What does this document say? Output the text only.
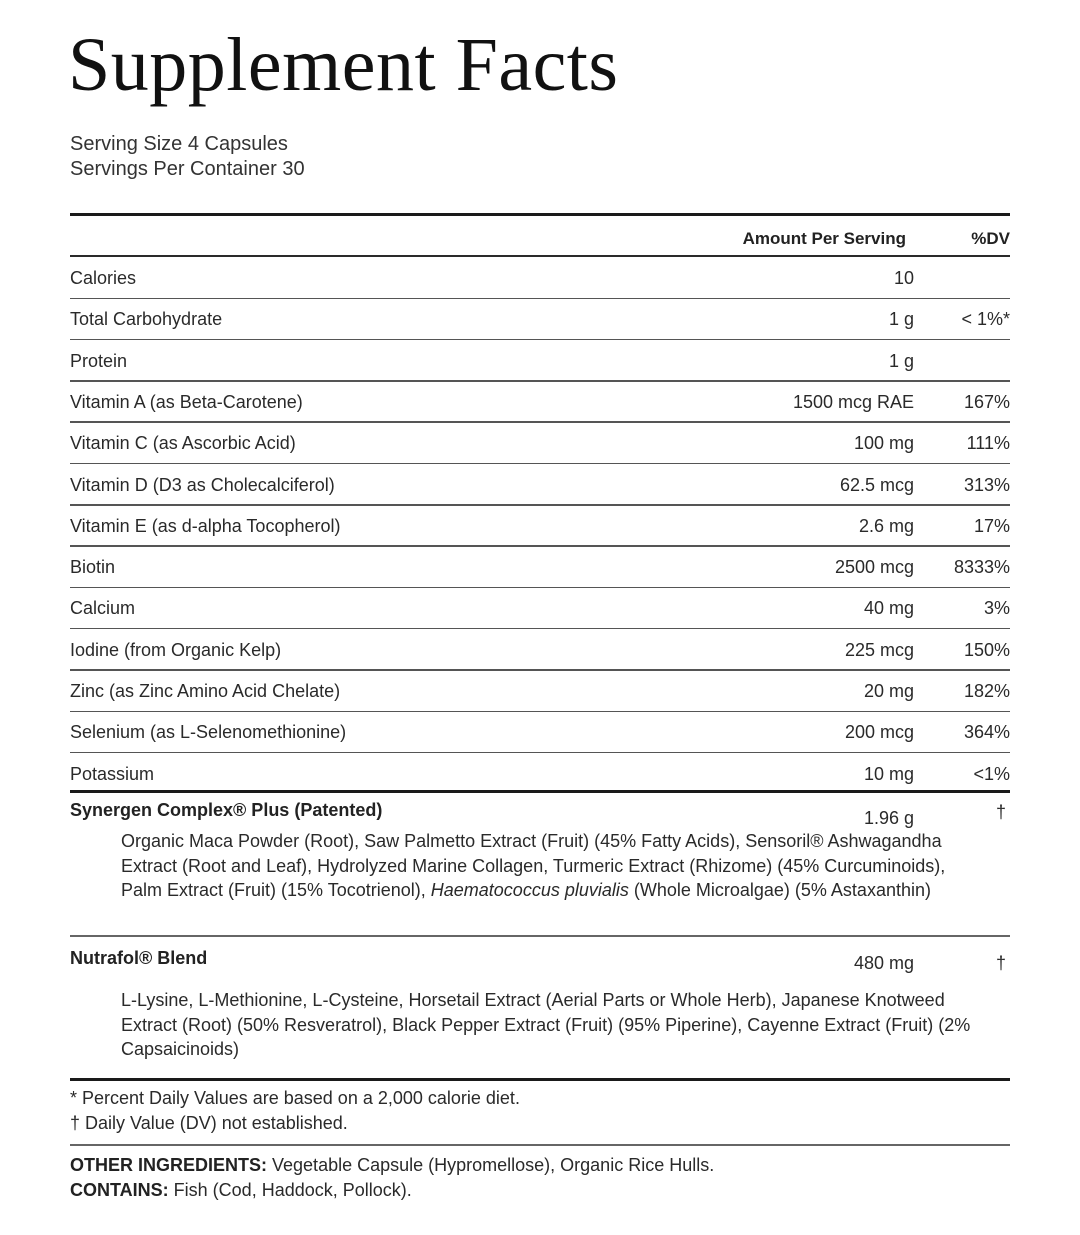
Supplement Facts
Serving Size 4 Capsules
Servings Per Container 30
Amount Per Serving	%DV
Calories	10
Total Carbohydrate	1 g	< 1%*
Protein	1 g
Vitamin A (as Beta-Carotene)	1500 mcg RAE	167%
Vitamin C (as Ascorbic Acid)	100 mg	111%
Vitamin D (D3 as Cholecalciferol)	62.5 mcg	313%
Vitamin E (as d-alpha Tocopherol)	2.6 mg	17%
Biotin	2500 mcg 8333%
Calcium	40 mg	3%
Iodine (from Organic Kelp)	225 mcg	150%
Zinc (as Zinc Amino Acid Chelate)	20 mg	182%
Selenium (as L-Selenomethionine)	200 mcg	364%
Potassium	10 mg	<1%
Synergen Complex® Plus (Patented)	1.96 g	†
Organic Maca Powder (Root), Saw Palmetto Extract (Fruit) (45% Fatty Acids), Sensoril® Ashwagandha Extract (Root and Leaf), Hydrolyzed Marine Collagen, Turmeric Extract (Rhizome) (45% Curcuminoids), Palm Extract (Fruit) (15% Tocotrienol), Haematococcus pluvialis (Whole Microalgae) (5% Astaxanthin)
Nutrafol® Blend	480 mg	†
L-Lysine, L-Methionine, L-Cysteine, Horsetail Extract (Aerial Parts or Whole Herb), Japanese Knotweed Extract (Root) (50% Resveratrol), Black Pepper Extract (Fruit) (95% Piperine), Cayenne Extract (Fruit) (2% Capsaicinoids)
* Percent Daily Values are based on a 2,000 calorie diet.
† Daily Value (DV) not established.
OTHER INGREDIENTS: Vegetable Capsule (Hypromellose), Organic Rice Hulls.
CONTAINS: Fish (Cod, Haddock, Pollock).
